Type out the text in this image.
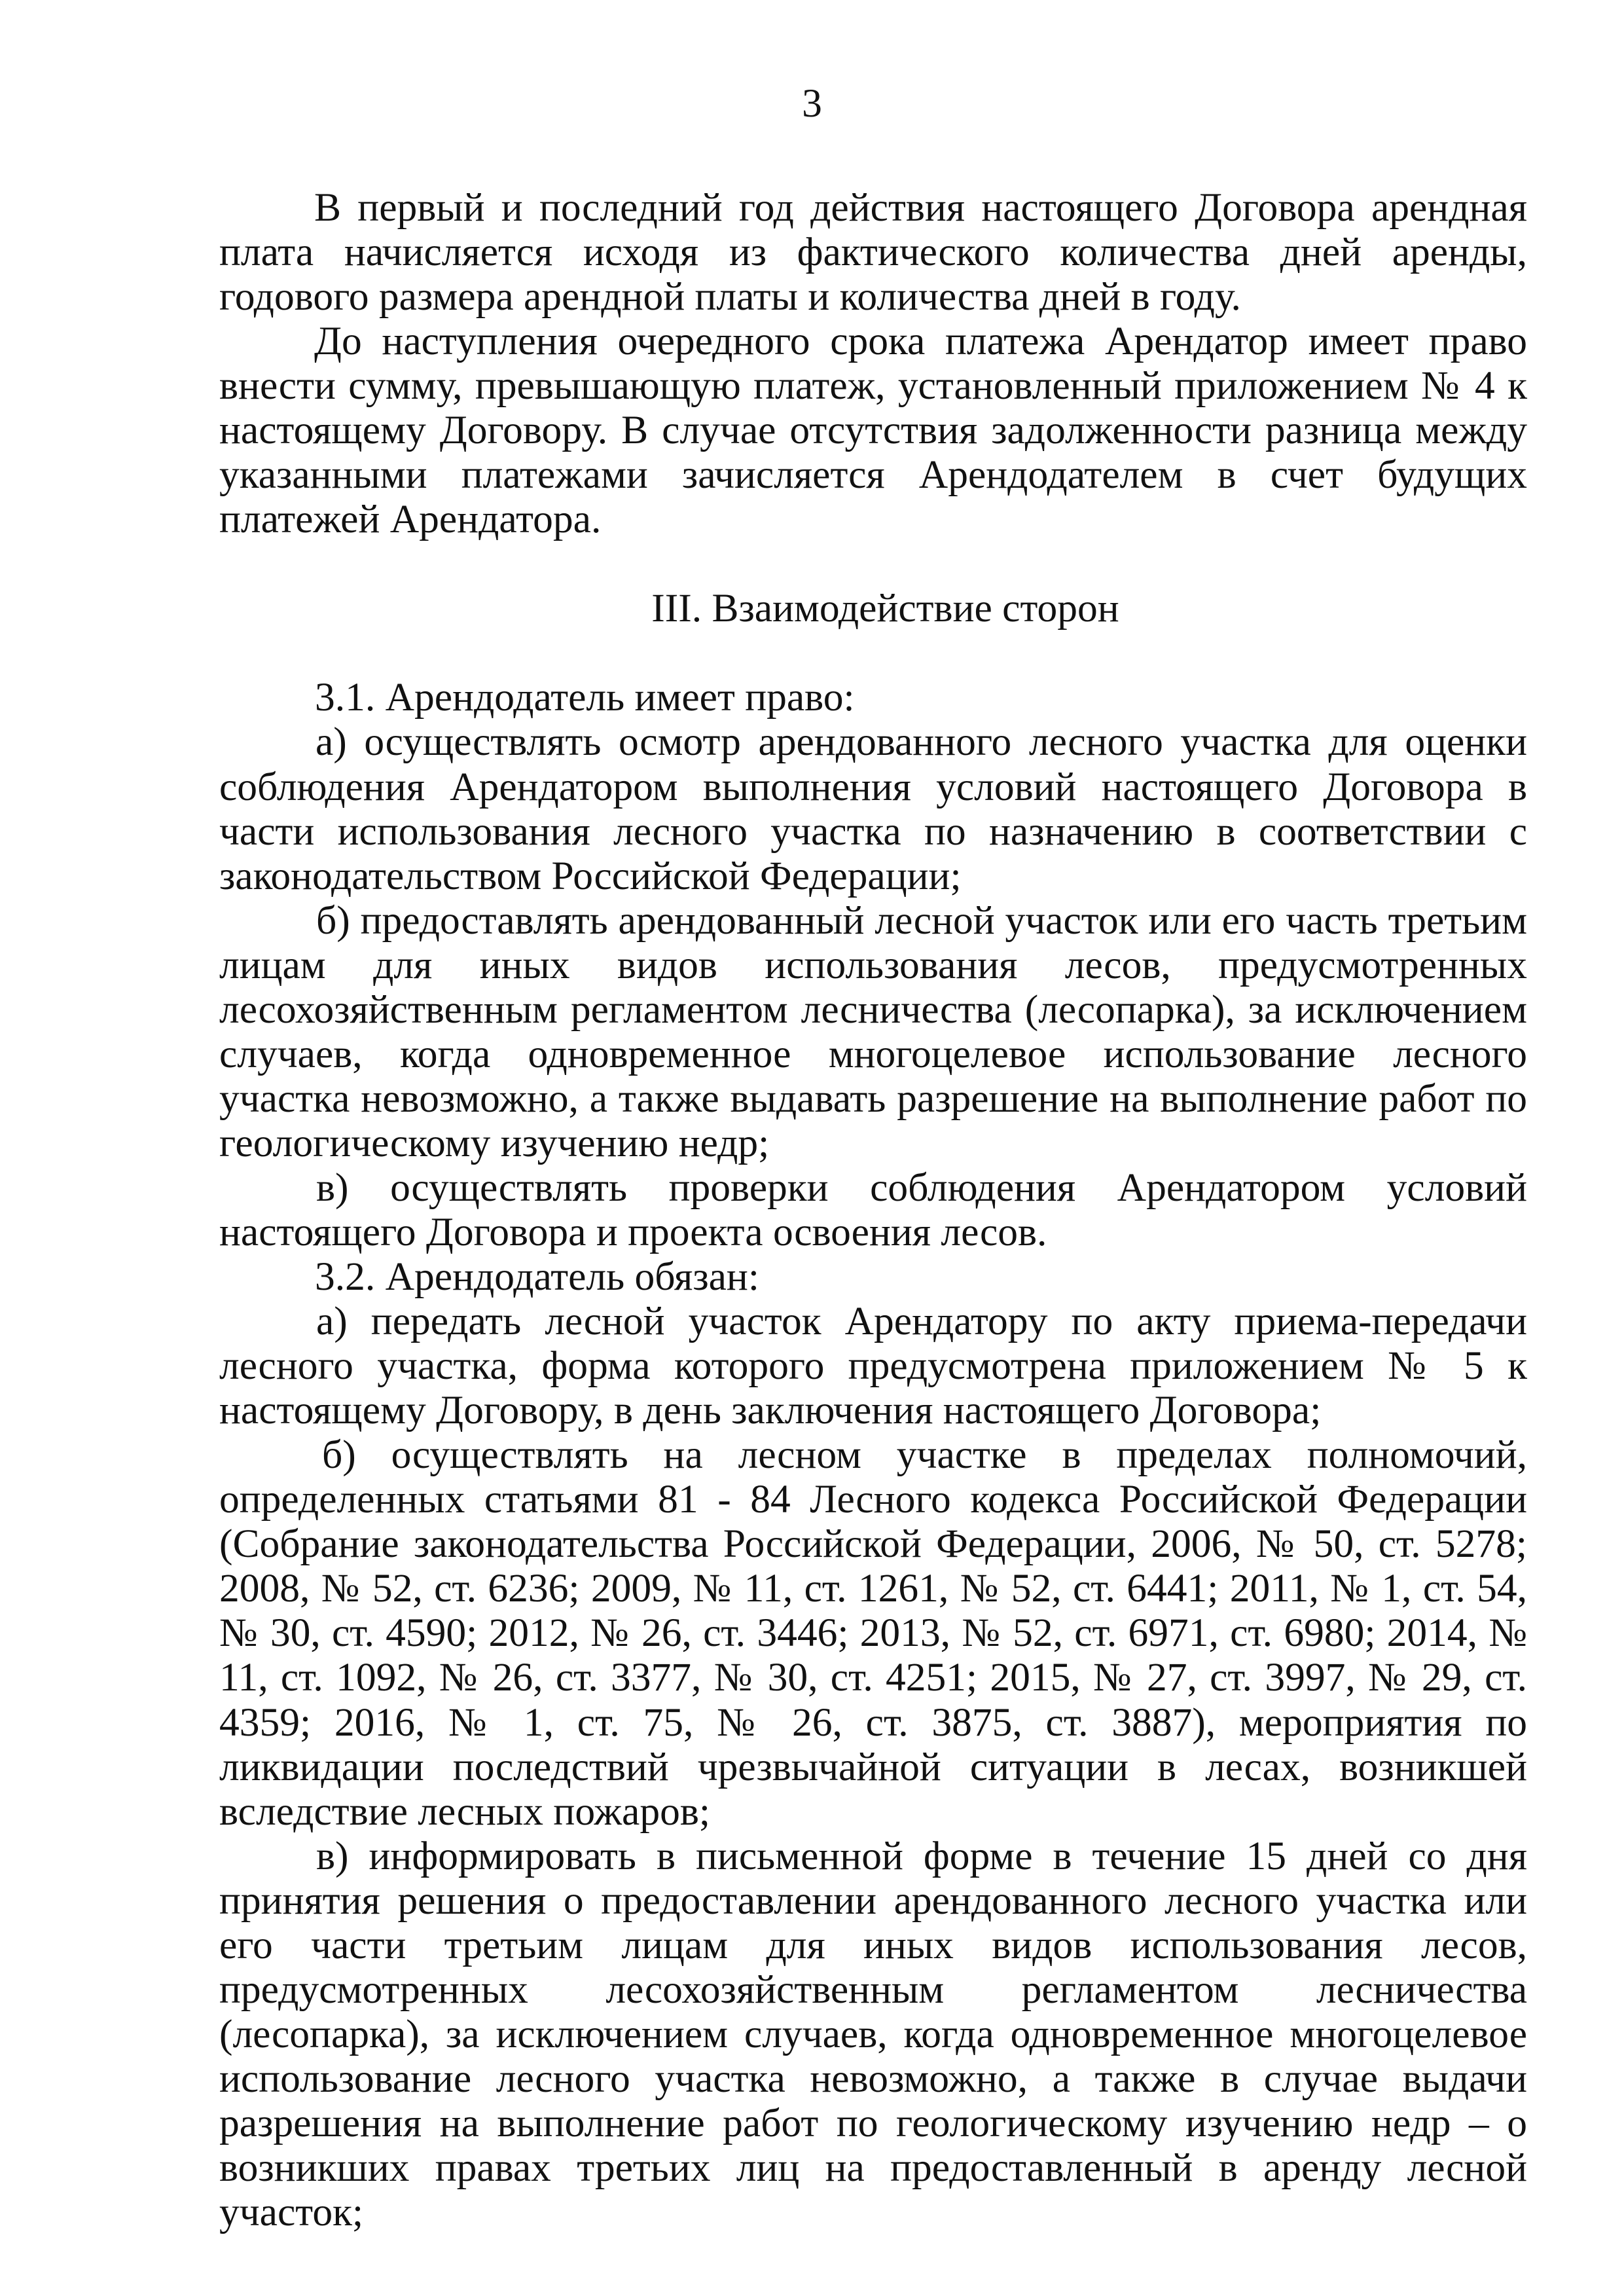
3

В первый и последний год действия настоящего Договора арендная плата начисляется исходя из фактического количества дней аренды, годового размера арендной платы и количества дней в году.

До наступления очередного срока платежа Арендатор имеет право внести сумму, превышающую платеж, установленный приложением № 4 к настоящему Договору. В случае отсутствия задолженности разница между указанными платежами зачисляется Арендодателем в счет будущих платежей Арендатора.

III. Взаимодействие сторон

3.1. Арендодатель имеет право:

а) осуществлять осмотр арендованного лесного участка для оценки соблюдения Арендатором выполнения условий настоящего Договора в части использования лесного участка по назначению в соответствии с законодательством Российской Федерации;

б) предоставлять арендованный лесной участок или его часть третьим лицам для иных видов использования лесов, предусмотренных лесохозяйственным регламентом лесничества (лесопарка), за исключением случаев, когда одновременное многоцелевое использование лесного участка невозможно, а также выдавать разрешение на выполнение работ по геологическому изучению недр;

в) осуществлять проверки соблюдения Арендатором условий настоящего Договора и проекта освоения лесов.

3.2. Арендодатель обязан:

а) передать лесной участок Арендатору по акту приема-передачи лесного участка, форма которого предусмотрена приложением № 5 к настоящему Договору, в день заключения настоящего Договора;

б) осуществлять на лесном участке в пределах полномочий, определенных статьями 81 - 84 Лесного кодекса Российской Федерации (Собрание законодательства Российской Федерации, 2006, № 50, ст. 5278; 2008, № 52, ст. 6236; 2009, № 11, ст. 1261, № 52, ст. 6441; 2011, № 1, ст. 54, № 30, ст. 4590; 2012, № 26, ст. 3446; 2013, № 52, ст. 6971, ст. 6980; 2014, № 11, ст. 1092, № 26, ст. 3377, № 30, ст. 4251; 2015, № 27, ст. 3997, № 29, ст. 4359; 2016, № 1, ст. 75, № 26, ст. 3875, ст. 3887), мероприятия по ликвидации последствий чрезвычайной ситуации в лесах, возникшей вследствие лесных пожаров;

в) информировать в письменной форме в течение 15 дней со дня принятия решения о предоставлении арендованного лесного участка или его части третьим лицам для иных видов использования лесов, предусмотренных лесохозяйственным регламентом лесничества (лесопарка), за исключением случаев, когда одновременное многоцелевое использование лесного участка невозможно, а также в случае выдачи разрешения на выполнение работ по геологическому изучению недр – о возникших правах третьих лиц на предоставленный в аренду лесной участок;
